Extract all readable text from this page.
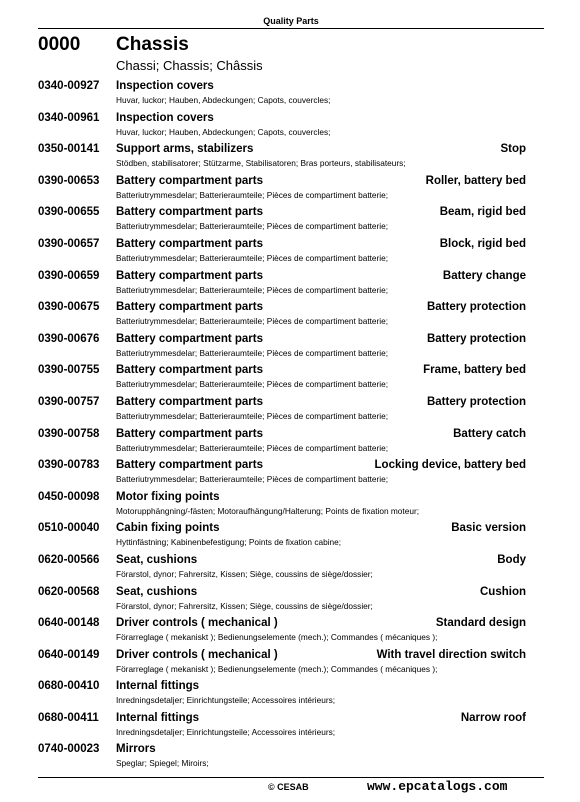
Quality Parts
0000 Chassis
Chassi; Chassis; Châssis
0340-00927 Inspection covers
Huvar, luckor; Hauben, Abdeckungen; Capots, couvercles;
0340-00961 Inspection covers
Huvar, luckor; Hauben, Abdeckungen; Capots, couvercles;
0350-00141 Support arms, stabilizers	Stop
Stödben, stabilisatorer; Stützarme, Stabilisatoren; Bras porteurs, stabilisateurs;
0390-00653 Battery compartment parts	Roller, battery bed
Batteriutrymmesdelar; Batterieraumteile; Pièces de compartiment batterie;
0390-00655 Battery compartment parts	Beam, rigid bed
Batteriutrymmesdelar; Batterieraumteile; Pièces de compartiment batterie;
0390-00657 Battery compartment parts	Block, rigid bed
Batteriutrymmesdelar; Batterieraumteile; Pièces de compartiment batterie;
0390-00659 Battery compartment parts	Battery change
Batteriutrymmesdelar; Batterieraumteile; Pièces de compartiment batterie;
0390-00675 Battery compartment parts	Battery protection
Batteriutrymmesdelar; Batterieraumteile; Pièces de compartiment batterie;
0390-00676 Battery compartment parts	Battery protection
Batteriutrymmesdelar; Batterieraumteile; Pièces de compartiment batterie;
0390-00755 Battery compartment parts	Frame, battery bed
Batteriutrymmesdelar; Batterieraumteile; Pièces de compartiment batterie;
0390-00757 Battery compartment parts	Battery protection
Batteriutrymmesdelar; Batterieraumteile; Pièces de compartiment batterie;
0390-00758 Battery compartment parts	Battery catch
Batteriutrymmesdelar; Batterieraumteile; Pièces de compartiment batterie;
0390-00783 Battery compartment parts	Locking device, battery bed
Batteriutrymmesdelar; Batterieraumteile; Pièces de compartiment batterie;
0450-00098 Motor fixing points
Motorupphängning/-fästen; Motoraufhängung/Halterung; Points de fixation moteur;
0510-00040 Cabin fixing points	Basic version
Hyttinfästning; Kabinenbefestigung; Points de fixation cabine;
0620-00566 Seat, cushions	Body
Förarstol, dynor; Fahrersitz, Kissen; Siège, coussins de siège/dossier;
0620-00568 Seat, cushions	Cushion
Förarstol, dynor; Fahrersitz, Kissen; Siège, coussins de siège/dossier;
0640-00148 Driver controls ( mechanical )	Standard design
Förarreglage ( mekaniskt ); Bedienungselemente (mech.); Commandes ( mécaniques );
0640-00149 Driver controls ( mechanical )	With travel direction switch
Förarreglage ( mekaniskt ); Bedienungselemente (mech.); Commandes ( mécaniques );
0680-00410 Internal fittings
Inredningsdetaljer; Einrichtungsteile; Accessoires intérieurs;
0680-00411 Internal fittings	Narrow roof
Inredningsdetaljer; Einrichtungsteile; Accessoires intérieurs;
0740-00023 Mirrors
Speglar; Spiegel; Miroirs;
© CESAB	www.epcatalogs.com
